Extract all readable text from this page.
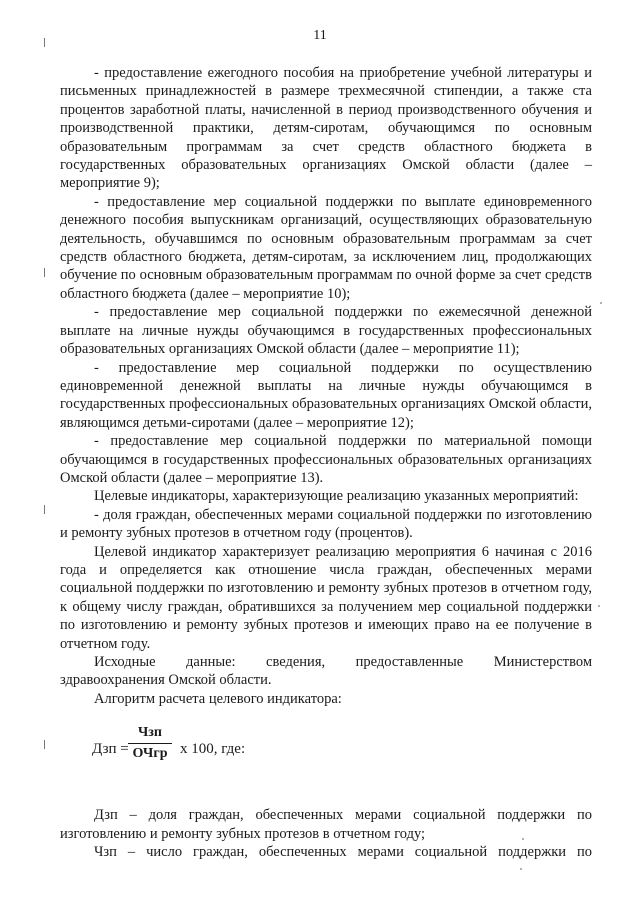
11

- предоставление ежегодного пособия на приобретение учебной литературы и письменных принадлежностей в размере трехмесячной стипендии, а также ста процентов заработной платы, начисленной в период производственного обучения и производственной практики, детям-сиротам, обучающимся по основным образовательным программам за счет средств областного бюджета в государственных образовательных организациях Омской области (далее – мероприятие 9);

- предоставление мер социальной поддержки по выплате единовременного денежного пособия выпускникам организаций, осуществляющих образовательную деятельность, обучавшимся по основным образовательным программам за счет средств областного бюджета, детям-сиротам, за исключением лиц, продолжающих обучение по основным образовательным программам по очной форме за счет средств областного бюджета (далее – мероприятие 10);

- предоставление мер социальной поддержки по ежемесячной денежной выплате на личные нужды обучающимся в государственных профессиональных образовательных организациях Омской области (далее – мероприятие 11);

- предоставление мер социальной поддержки по осуществлению единовременной денежной выплаты на личные нужды обучающимся в государственных профессиональных образовательных организациях Омской области, являющимся детьми-сиротами (далее – мероприятие 12);

- предоставление мер социальной поддержки по материальной помощи обучающимся в государственных профессиональных образовательных организациях Омской области (далее – мероприятие 13).

Целевые индикаторы, характеризующие реализацию указанных мероприятий:

- доля граждан, обеспеченных мерами социальной поддержки по изготовлению и ремонту зубных протезов в отчетном году (процентов).

Целевой индикатор характеризует реализацию мероприятия 6 начиная с 2016 года и определяется как отношение числа граждан, обеспеченных мерами социальной поддержки по изготовлению и ремонту зубных протезов в отчетном году, к общему числу граждан, обратившихся за получением мер социальной поддержки по изготовлению и ремонту зубных протезов и имеющих право на ее получение в отчетном году.

Исходные данные: сведения, предоставленные Министерством здравоохранения Омской области.

Алгоритм расчета целевого индикатора:

Дзп =
Чзп
ОЧгр x 100, где:

Дзп – доля граждан, обеспеченных мерами социальной поддержки по изготовлению и ремонту зубных протезов в отчетном году;

Чзп – число граждан, обеспеченных мерами социальной поддержки по
